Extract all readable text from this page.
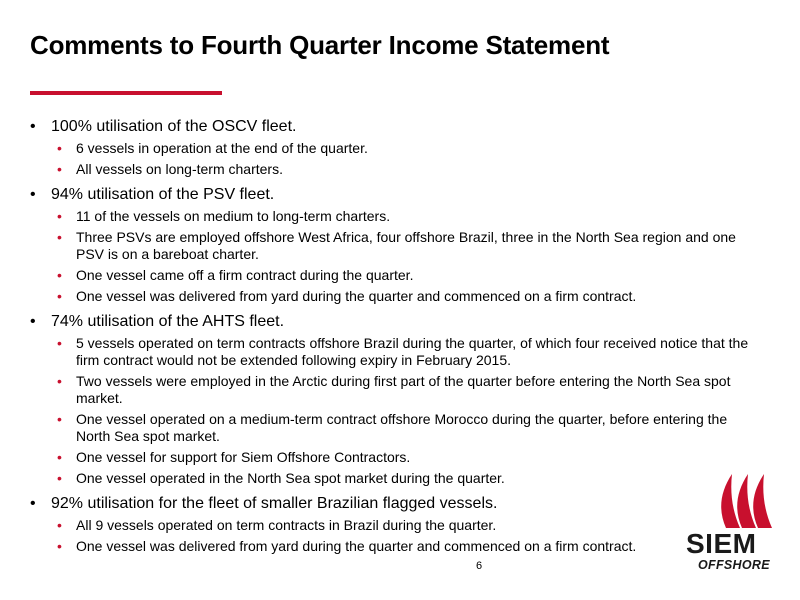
Comments to Fourth Quarter Income Statement
• 100% utilisation of the OSCV fleet.
• 6 vessels in operation at the end of the quarter.
• All vessels on long-term charters.
• 94% utilisation of the PSV fleet.
• 11 of the vessels on medium to long-term charters.
• Three PSVs are employed offshore West Africa, four offshore Brazil, three in the North Sea region and one PSV is on a bareboat charter.
• One vessel came off a firm contract during the quarter.
• One vessel was delivered from yard during the quarter and commenced on a firm contract.
• 74% utilisation of the AHTS fleet.
• 5 vessels operated on term contracts offshore Brazil during the quarter, of which four received notice that the firm contract would not be extended following expiry in February 2015.
• Two vessels were employed in the Arctic during first part of the quarter before entering the North Sea spot market.
• One vessel operated on a medium-term contract offshore Morocco during the quarter, before entering the North Sea spot market.
• One vessel for support for Siem Offshore Contractors.
• One vessel operated in the North Sea spot market during the quarter.
• 92% utilisation for the fleet of smaller Brazilian flagged vessels.
• All 9 vessels operated on term contracts in Brazil during the quarter.
• One vessel was delivered from yard during the quarter and commenced on a firm contract.
6
SIEM
OFFSHORE
